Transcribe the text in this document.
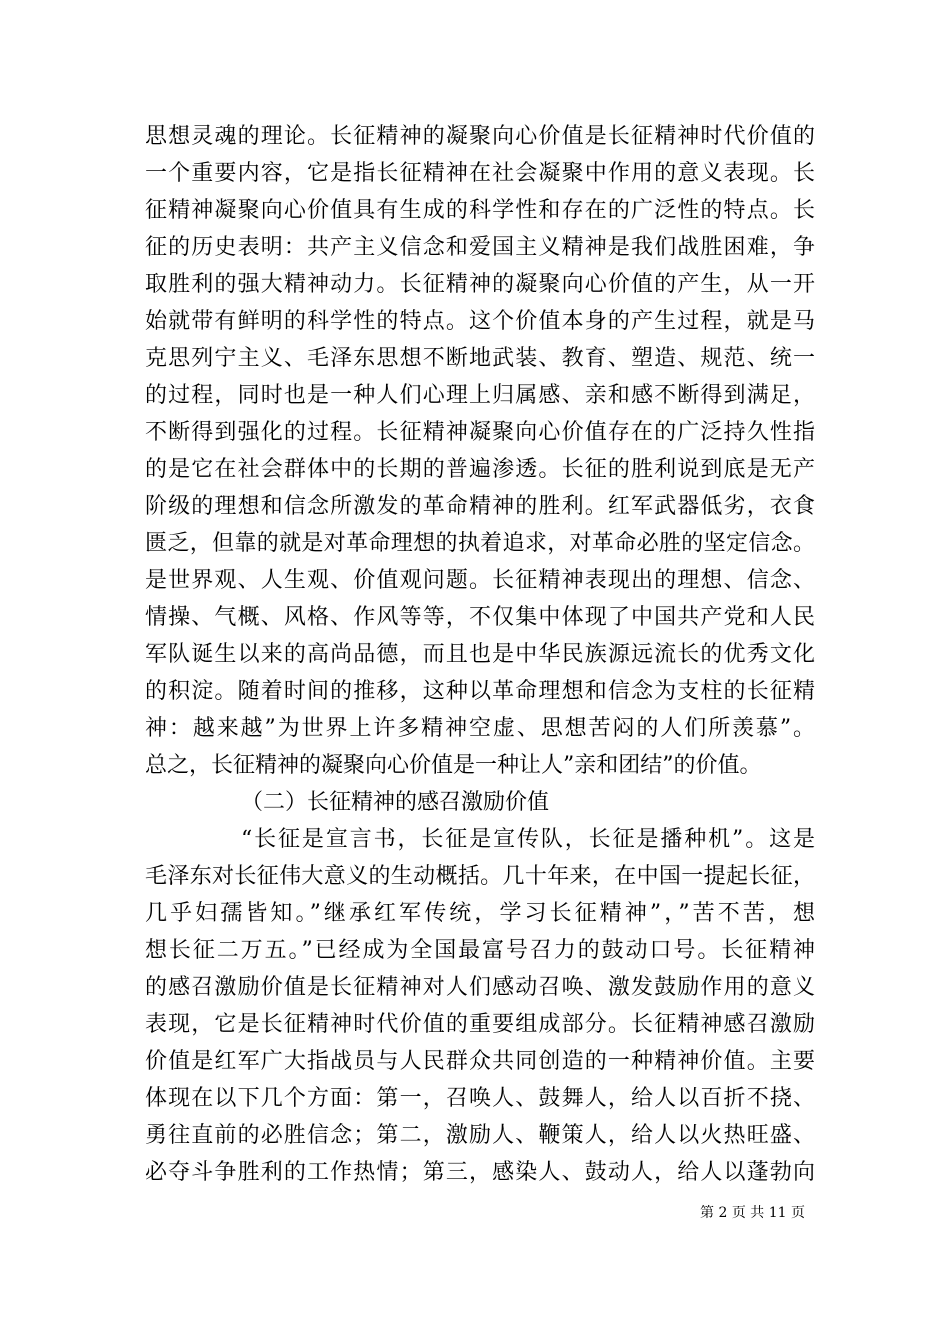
思想灵魂的理论。长征精神的凝聚向心价值是长征精神时代价值的
一个重要内容，它是指长征精神在社会凝聚中作用的意义表现。长
征精神凝聚向心价值具有生成的科学性和存在的广泛性的特点。长
征的历史表明：共产主义信念和爱国主义精神是我们战胜困难，争
取胜利的强大精神动力。长征精神的凝聚向心价值的产生，从一开
始就带有鲜明的科学性的特点。这个价值本身的产生过程，就是马
克思列宁主义、毛泽东思想不断地武装、教育、塑造、规范、统一
的过程，同时也是一种人们心理上归属感、亲和感不断得到满足，
不断得到强化的过程。长征精神凝聚向心价值存在的广泛持久性指
的是它在社会群体中的长期的普遍渗透。长征的胜利说到底是无产
阶级的理想和信念所激发的革命精神的胜利。红军武器低劣，衣食
匮乏，但靠的就是对革命理想的执着追求，对革命必胜的坚定信念。
是世界观、人生观、价值观问题。长征精神表现出的理想、信念、
情操、气概、风格、作风等等，不仅集中体现了中国共产党和人民
军队诞生以来的高尚品德，而且也是中华民族源远流长的优秀文化
的积淀。随着时间的推移，这种以革命理想和信念为支柱的长征精
神：越来越”为世界上许多精神空虚、思想苦闷的人们所羡慕”。
总之，长征精神的凝聚向心价值是一种让人”亲和团结”的价值。
（二）长征精神的感召激励价值
“长征是宣言书，长征是宣传队，长征是播种机”。这是
毛泽东对长征伟大意义的生动概括。几十年来，在中国一提起长征，
几乎妇孺皆知。”继承红军传统，学习长征精神”，”苦不苦，想
想长征二万五。”已经成为全国最富号召力的鼓动口号。长征精神
的感召激励价值是长征精神对人们感动召唤、激发鼓励作用的意义
表现，它是长征精神时代价值的重要组成部分。长征精神感召激励
价值是红军广大指战员与人民群众共同创造的一种精神价值。主要
体现在以下几个方面：第一，召唤人、鼓舞人，给人以百折不挠、
勇往直前的必胜信念；第二，激励人、鞭策人，给人以火热旺盛、
必夺斗争胜利的工作热情；第三，感染人、鼓动人，给人以蓬勃向
第 2 页 共 11 页
